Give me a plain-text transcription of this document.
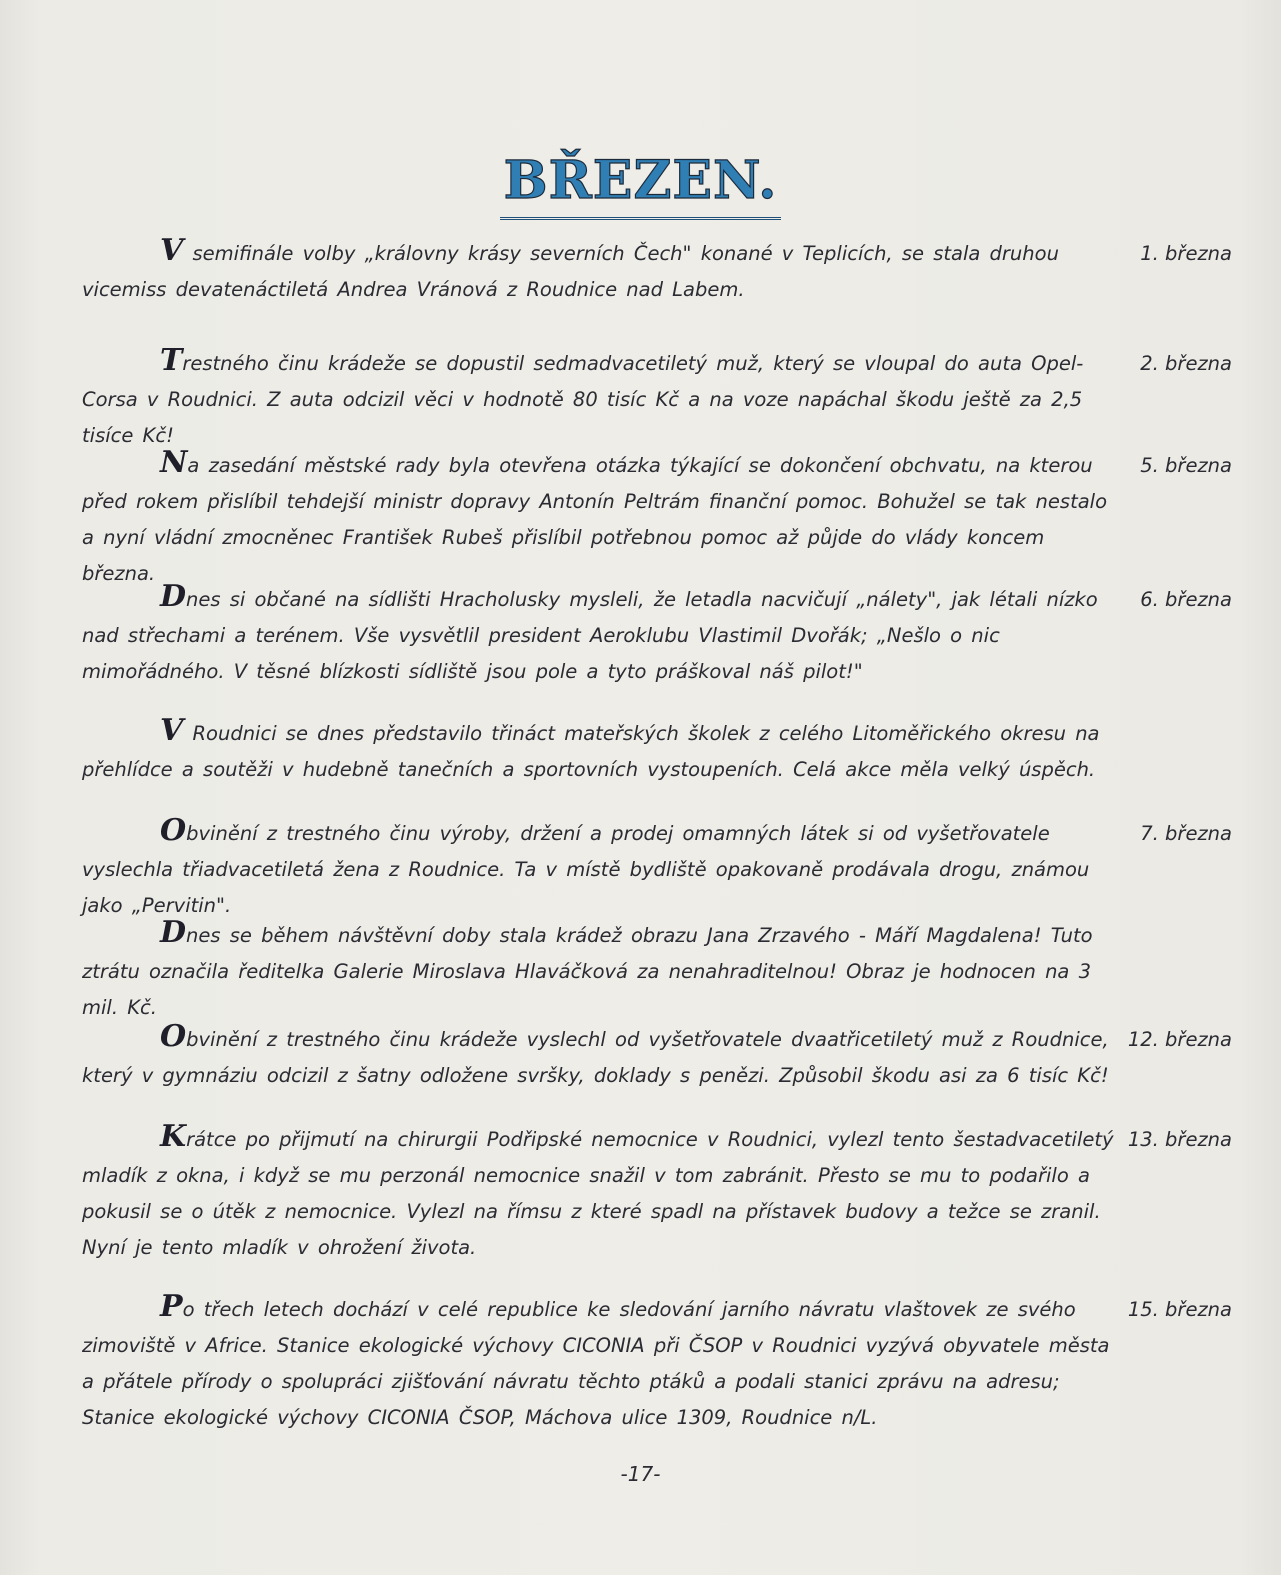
BŘEZEN.
V semifinále volby „královny krásy severních Čech" konané v Teplicích, se stala druhou vicemiss devatenáctiletá Andrea Vránová z Roudnice nad Labem.
1. března
Trestného činu krádeže se dopustil sedmadvacetiletý muž, který se vloupal do auta Opel-Corsa v Roudnici. Z auta odcizil věci v hodnotě 80 tisíc Kč a na voze napáchal škodu ještě za 2,5 tisíce Kč!
2. března
Na zasedání městské rady byla otevřena otázka týkající se dokončení obchvatu, na kterou před rokem přislíbil tehdejší ministr dopravy Antonín Peltrám finanční pomoc. Bohužel se tak nestalo a nyní vládní zmocněnec František Rubeš přislíbil potřebnou pomoc až půjde do vlády koncem března.
5. března
Dnes si občané na sídlišti Hracholusky mysleli, že letadla nacvičují „nálety", jak létali nízko nad střechami a terénem. Vše vysvětlil president Aeroklubu Vlastimil Dvořák; „Nešlo o nic mimořádného. V těsné blízkosti sídliště jsou pole a tyto práškoval náš pilot!"
6. března
V Roudnici se dnes představilo třináct mateřských školek z celého Litoměřického okresu na přehlídce a soutěži v hudebně tanečních a sportovních vystoupeních. Celá akce měla velký úspěch.
Obvinění z trestného činu výroby, držení a prodej omamných látek si od vyšetřovatele vyslechla třiadvacetiletá žena z Roudnice. Ta v místě bydliště opakovaně prodávala drogu, známou jako „Pervitin".
7. března
Dnes se během návštěvní doby stala krádež obrazu Jana Zrzavého - Máří Magdalena! Tuto ztrátu označila ředitelka Galerie Miroslava Hlaváčková za nenahraditelnou! Obraz je hodnocen na 3 mil. Kč.
Obvinění z trestného činu krádeže vyslechl od vyšetřovatele dvaatřicetiletý muž z Roudnice, který v gymnáziu odcizil z šatny odložene svršky, doklady s penězi. Způsobil škodu asi za 6 tisíc Kč!
12. března
Krátce po přijmutí na chirurgii Podřipské nemocnice v Roudnici, vylezl tento šestadvacetiletý mladík z okna, i když se mu perzonál nemocnice snažil v tom zabránit. Přesto se mu to podařilo a pokusil se o útěk z nemocnice. Vylezl na římsu z které spadl na přístavek budovy a težce se zranil. Nyní je tento mladík v ohrožení života.
13. března
Po třech letech dochází v celé republice ke sledování jarního návratu vlaštovek ze svého zimoviště v Africe. Stanice ekologické výchovy CICONIA při ČSOP v Roudnici vyzývá obyvatele města a přátele přírody o spolupráci zjišťování návratu těchto ptáků a podali stanici zprávu na adresu; Stanice ekologické výchovy CICONIA ČSOP, Máchova ulice 1309, Roudnice n/L.
15. března
-17-
